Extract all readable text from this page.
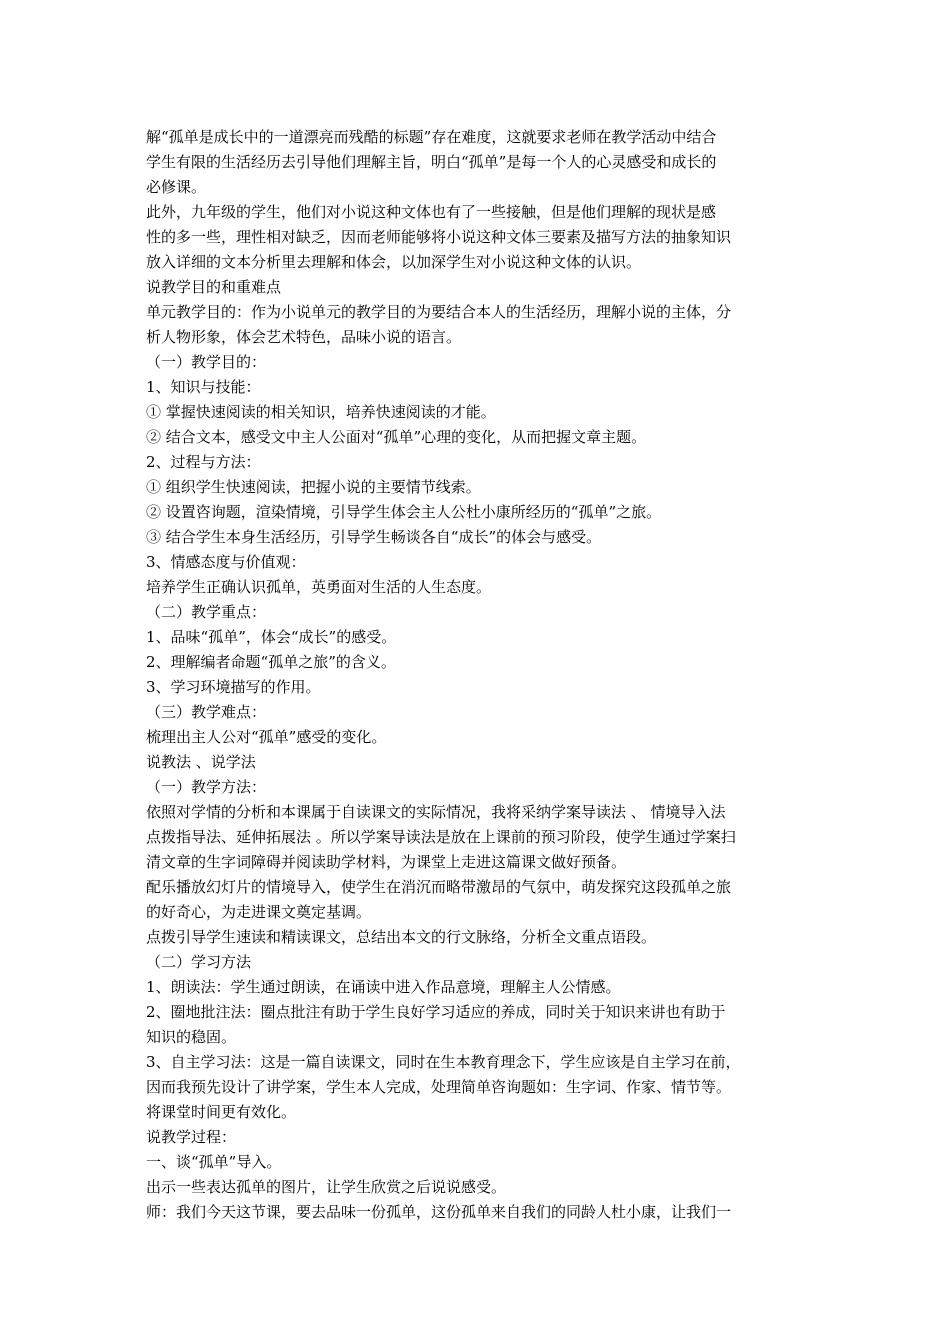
解“孤单是成长中的一道漂亮而残酷的标题”存在难度，这就要求老师在教学活动中结合
学生有限的生活经历去引导他们理解主旨，明白“孤单”是每一个人的心灵感受和成长的
必修课。
此外，九年级的学生，他们对小说这种文体也有了一些接触，但是他们理解的现状是感
性的多一些，理性相对缺乏，因而老师能够将小说这种文体三要素及描写方法的抽象知识
放入详细的文本分析里去理解和体会，以加深学生对小说这种文体的认识。
说教学目的和重难点
单元教学目的：作为小说单元的教学目的为要结合本人的生活经历，理解小说的主体，分
析人物形象，体会艺术特色，品味小说的语言。
（一）教学目的：
1、知识与技能：
① 掌握快速阅读的相关知识，培养快速阅读的才能。
② 结合文本，感受文中主人公面对“孤单”心理的变化，从而把握文章主题。
2、过程与方法：
① 组织学生快速阅读，把握小说的主要情节线索。
② 设置咨询题，渲染情境，引导学生体会主人公杜小康所经历的“孤单”之旅。
③ 结合学生本身生活经历，引导学生畅谈各自“成长”的体会与感受。
3、情感态度与价值观：
培养学生正确认识孤单，英勇面对生活的人生态度。
（二）教学重点：
1、品味“孤单”，体会“成长”的感受。
2、理解编者命题“孤单之旅”的含义。
3、学习环境描写的作用。
（三）教学难点：
梳理出主人公对“孤单”感受的变化。
说教法 、说学法
（一）教学方法：
依照对学情的分析和本课属于自读课文的实际情况，我将采纳学案导读法 、 情境导入法
点拨指导法、延伸拓展法 。所以学案导读法是放在上课前的预习阶段，使学生通过学案扫
清文章的生字词障碍并阅读助学材料，为课堂上走进这篇课文做好预备。
配乐播放幻灯片的情境导入，使学生在消沉而略带激昂的气氛中，萌发探究这段孤单之旅
的好奇心，为走进课文奠定基调。
点拨引导学生速读和精读课文，总结出本文的行文脉络，分析全文重点语段。
（二）学习方法
1、朗读法：学生通过朗读，在诵读中进入作品意境，理解主人公情感。
2、圈地批注法：圈点批注有助于学生良好学习适应的养成，同时关于知识来讲也有助于
知识的稳固。
3、自主学习法：这是一篇自读课文，同时在生本教育理念下，学生应该是自主学习在前，
因而我预先设计了讲学案，学生本人完成，处理简单咨询题如：生字词、作家、情节等。
将课堂时间更有效化。
说教学过程：
一、谈“孤单”导入。
出示一些表达孤单的图片，让学生欣赏之后说说感受。
师：我们今天这节课，要去品味一份孤单，这份孤单来自我们的同龄人杜小康，让我们一
